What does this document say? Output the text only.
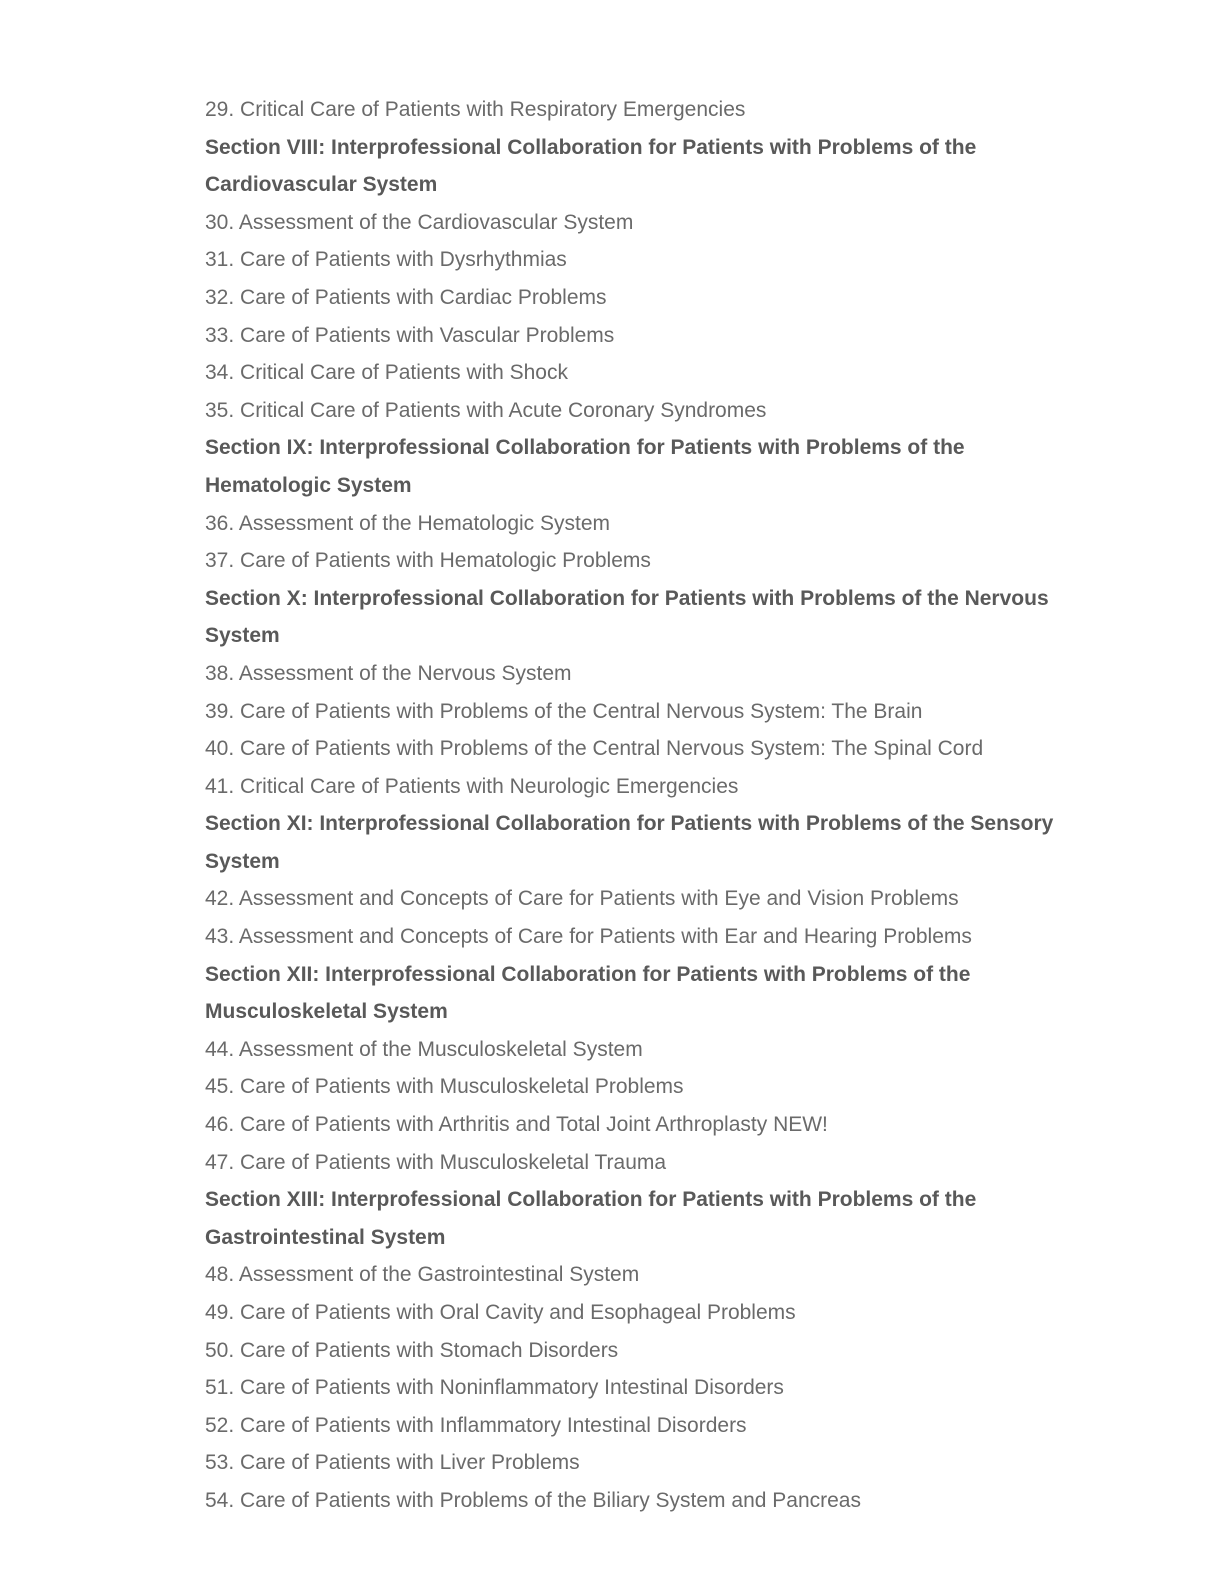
29. Critical Care of Patients with Respiratory Emergencies
Section VIII: Interprofessional Collaboration for Patients with Problems of the
Cardiovascular System
30. Assessment of the Cardiovascular System
31. Care of Patients with Dysrhythmias
32. Care of Patients with Cardiac Problems
33. Care of Patients with Vascular Problems
34. Critical Care of Patients with Shock
35. Critical Care of Patients with Acute Coronary Syndromes
Section IX: Interprofessional Collaboration for Patients with Problems of the
Hematologic System
36. Assessment of the Hematologic System
37. Care of Patients with Hematologic Problems
Section X: Interprofessional Collaboration for Patients with Problems of the Nervous
System
38. Assessment of the Nervous System
39. Care of Patients with Problems of the Central Nervous System: The Brain
40. Care of Patients with Problems of the Central Nervous System: The Spinal Cord
41. Critical Care of Patients with Neurologic Emergencies
Section XI: Interprofessional Collaboration for Patients with Problems of the Sensory
System
42. Assessment and Concepts of Care for Patients with Eye and Vision Problems
43. Assessment and Concepts of Care for Patients with Ear and Hearing Problems
Section XII: Interprofessional Collaboration for Patients with Problems of the
Musculoskeletal System
44. Assessment of the Musculoskeletal System
45. Care of Patients with Musculoskeletal Problems
46. Care of Patients with Arthritis and Total Joint Arthroplasty NEW!
47. Care of Patients with Musculoskeletal Trauma
Section XIII: Interprofessional Collaboration for Patients with Problems of the
Gastrointestinal System
48. Assessment of the Gastrointestinal System
49. Care of Patients with Oral Cavity and Esophageal Problems
50. Care of Patients with Stomach Disorders
51. Care of Patients with Noninflammatory Intestinal Disorders
52. Care of Patients with Inflammatory Intestinal Disorders
53. Care of Patients with Liver Problems
54. Care of Patients with Problems of the Biliary System and Pancreas
